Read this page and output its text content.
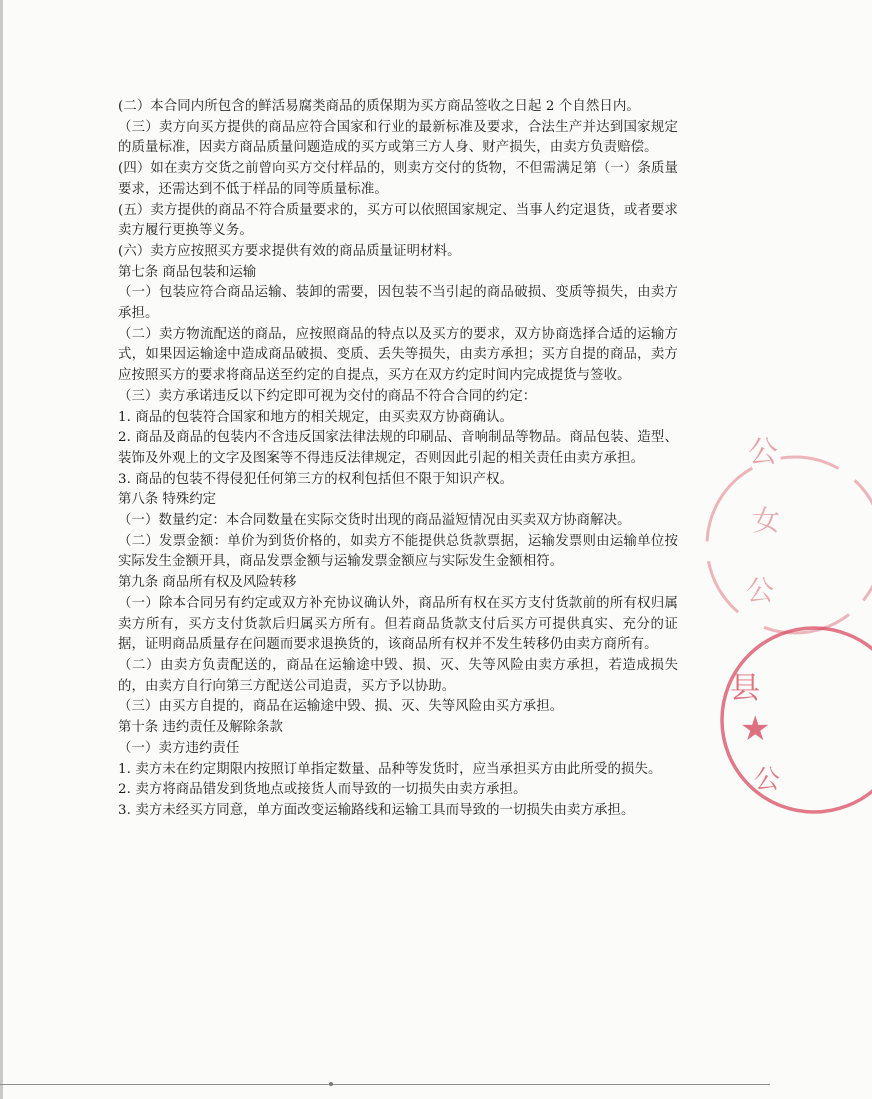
(二）本合同内所包含的鲜活易腐类商品的质保期为买方商品签收之日起 2 个自然日内。

（三）卖方向买方提供的商品应符合国家和行业的最新标准及要求，合法生产并达到国家规定的质量标准，因卖方商品质量问题造成的买方或第三方人身、财产损失，由卖方负责赔偿。

(四）如在卖方交货之前曾向买方交付样品的，则卖方交付的货物，不但需满足第（一）条质量要求，还需达到不低于样品的同等质量标准。

(五）卖方提供的商品不符合质量要求的，买方可以依照国家规定、当事人约定退货，或者要求卖方履行更换等义务。

(六）卖方应按照买方要求提供有效的商品质量证明材料。

第七条 商品包装和运输

（一）包装应符合商品运输、装卸的需要，因包装不当引起的商品破损、变质等损失，由卖方承担。

（二）卖方物流配送的商品，应按照商品的特点以及买方的要求，双方协商选择合适的运输方式，如果因运输途中造成商品破损、变质、丢失等损失，由卖方承担；买方自提的商品，卖方应按照买方的要求将商品送至约定的自提点，买方在双方约定时间内完成提货与签收。

（三）卖方承诺违反以下约定即可视为交付的商品不符合合同的约定：

1. 商品的包装符合国家和地方的相关规定，由买卖双方协商确认。

2. 商品及商品的包装内不含违反国家法律法规的印刷品、音响制品等物品。商品包装、造型、装饰及外观上的文字及图案等不得违反法律规定，否则因此引起的相关责任由卖方承担。

3. 商品的包装不得侵犯任何第三方的权利包括但不限于知识产权。

第八条 特殊约定

（一）数量约定：本合同数量在实际交货时出现的商品溢短情况由买卖双方协商解决。

（二）发票金额：单价为到货价格的，如卖方不能提供总货款票据，运输发票则由运输单位按实际发生金额开具，商品发票金额与运输发票金额应与实际发生金额相符。

第九条 商品所有权及风险转移

（一）除本合同另有约定或双方补充协议确认外，商品所有权在买方支付货款前的所有权归属卖方所有，买方支付货款后归属买方所有。但若商品货款支付后买方可提供真实、充分的证据，证明商品质量存在问题而要求退换货的，该商品所有权并不发生转移仍由卖方商所有。

（二）由卖方负责配送的，商品在运输途中毁、损、灭、失等风险由卖方承担，若造成损失的，由卖方自行向第三方配送公司追责，买方予以协助。

（三）由买方自提的，商品在运输途中毁、损、灭、失等风险由买方承担。

第十条 违约责任及解除条款

（一）卖方违约责任

1. 卖方未在约定期限内按照订单指定数量、品种等发货时，应当承担买方由此所受的损失。

2. 卖方将商品错发到货地点或接货人而导致的一切损失由卖方承担。

3. 卖方未经买方同意，单方面改变运输路线和运输工具而导致的一切损失由卖方承担。

公
女
公
县
★
公
